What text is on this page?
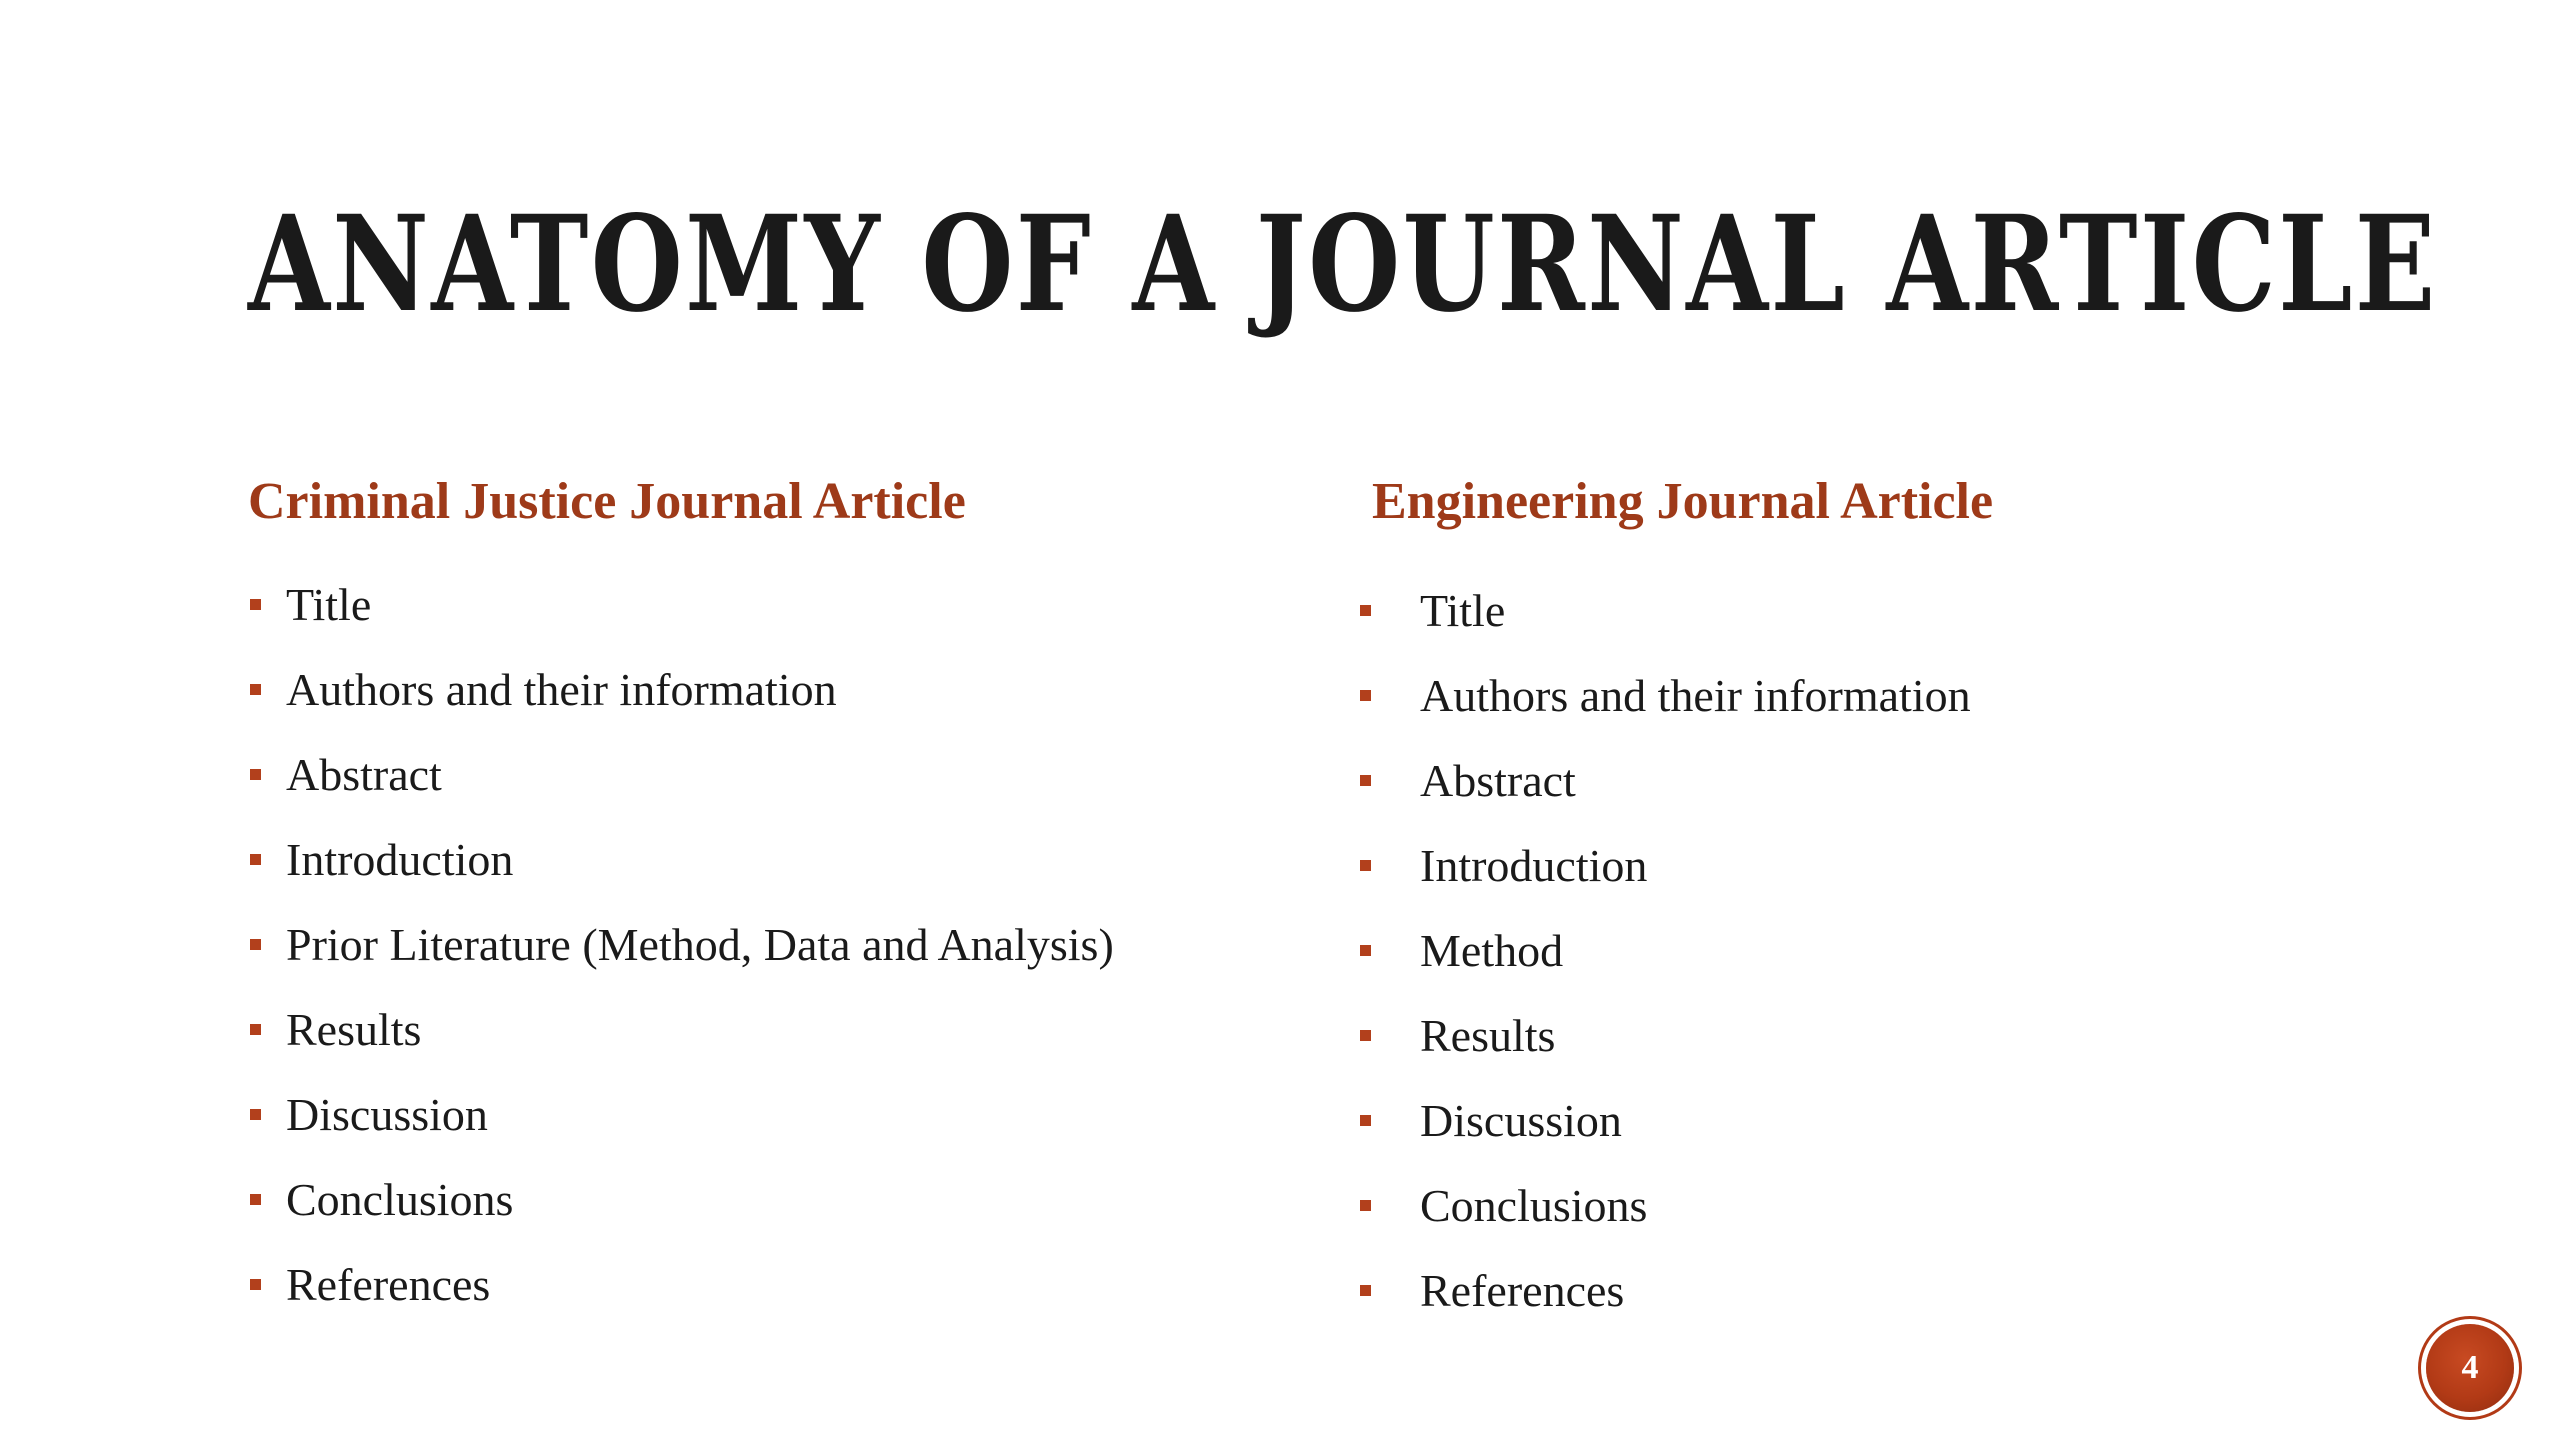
ANATOMY OF A JOURNAL ARTICLE
Criminal Justice Journal Article
Title
Authors and their information
Abstract
Introduction
Prior Literature (Method, Data and Analysis)
Results
Discussion
Conclusions
References
Engineering Journal Article
Title
Authors and their information
Abstract
Introduction
Method
Results
Discussion
Conclusions
References
4
